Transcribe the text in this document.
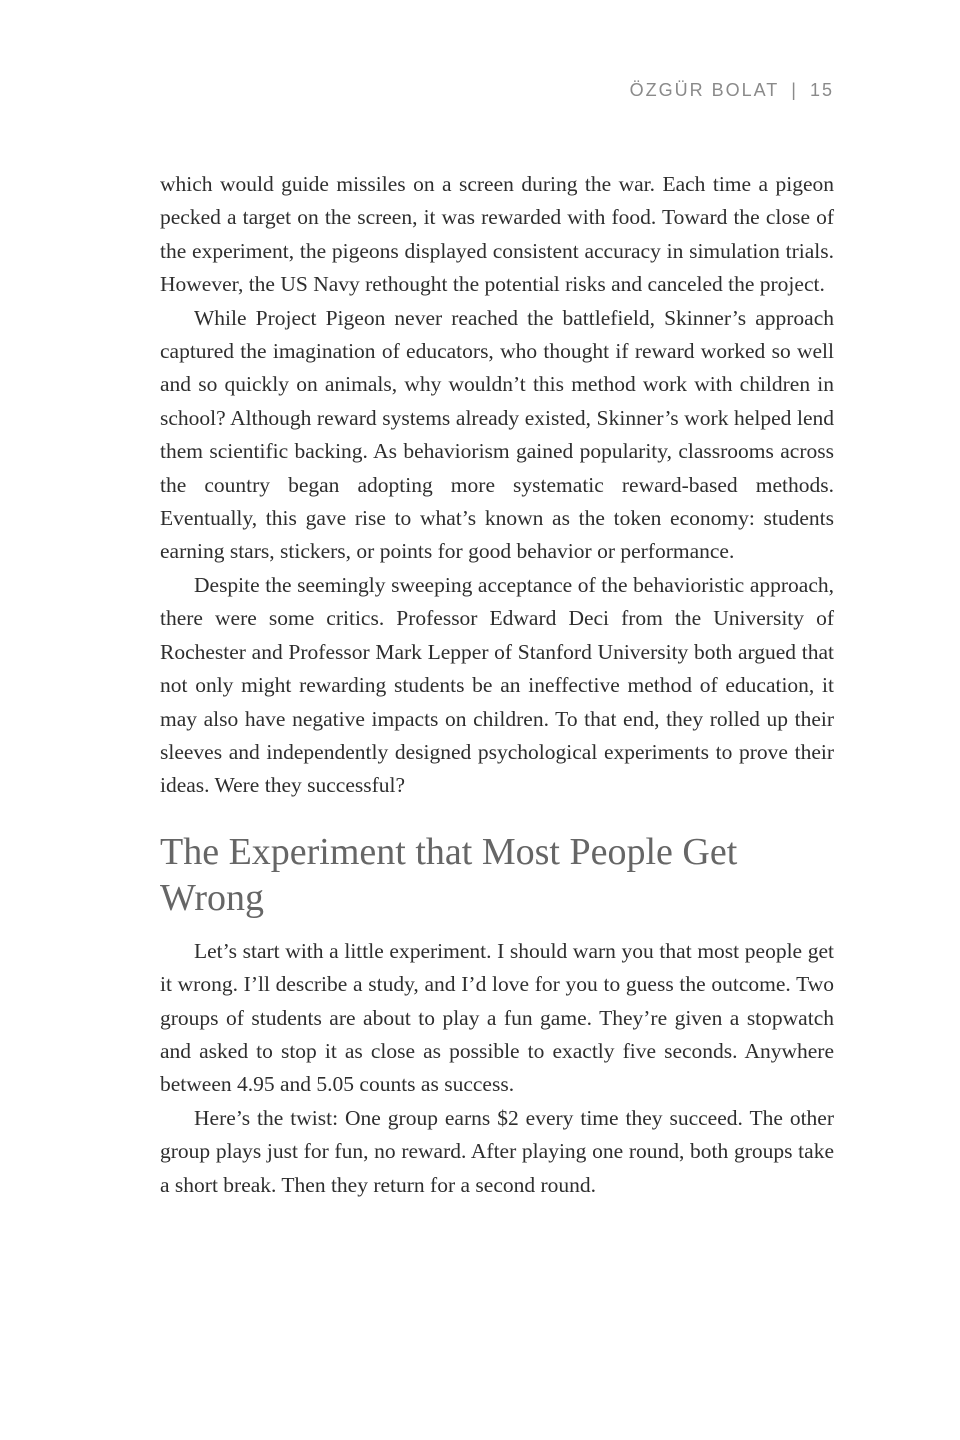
ÖZGÜR BOLAT | 15

which would guide missiles on a screen during the war. Each time a pigeon pecked a target on the screen, it was rewarded with food. Toward the close of the experiment, the pigeons displayed consistent accuracy in simulation trials. However, the US Navy rethought the potential risks and canceled the project.

While Project Pigeon never reached the battlefield, Skinner’s approach captured the imagination of educators, who thought if reward worked so well and so quickly on animals, why wouldn’t this method work with children in school? Although reward systems already existed, Skinner’s work helped lend them scientific backing. As behaviorism gained popularity, classrooms across the country began adopting more systematic reward-based methods. Eventually, this gave rise to what’s known as the token economy: students earning stars, stickers, or points for good behavior or performance.

Despite the seemingly sweeping acceptance of the behavioristic approach, there were some critics. Professor Edward Deci from the University of Rochester and Professor Mark Lepper of Stanford University both argued that not only might rewarding students be an ineffective method of education, it may also have negative impacts on children. To that end, they rolled up their sleeves and independently designed psychological experiments to prove their ideas. Were they successful?

The Experiment that Most People Get Wrong

Let’s start with a little experiment. I should warn you that most people get it wrong. I’ll describe a study, and I’d love for you to guess the outcome. Two groups of students are about to play a fun game. They’re given a stopwatch and asked to stop it as close as possible to exactly five seconds. Anywhere between 4.95 and 5.05 counts as success.

Here’s the twist: One group earns $2 every time they succeed. The other group plays just for fun, no reward. After playing one round, both groups take a short break. Then they return for a second round.
